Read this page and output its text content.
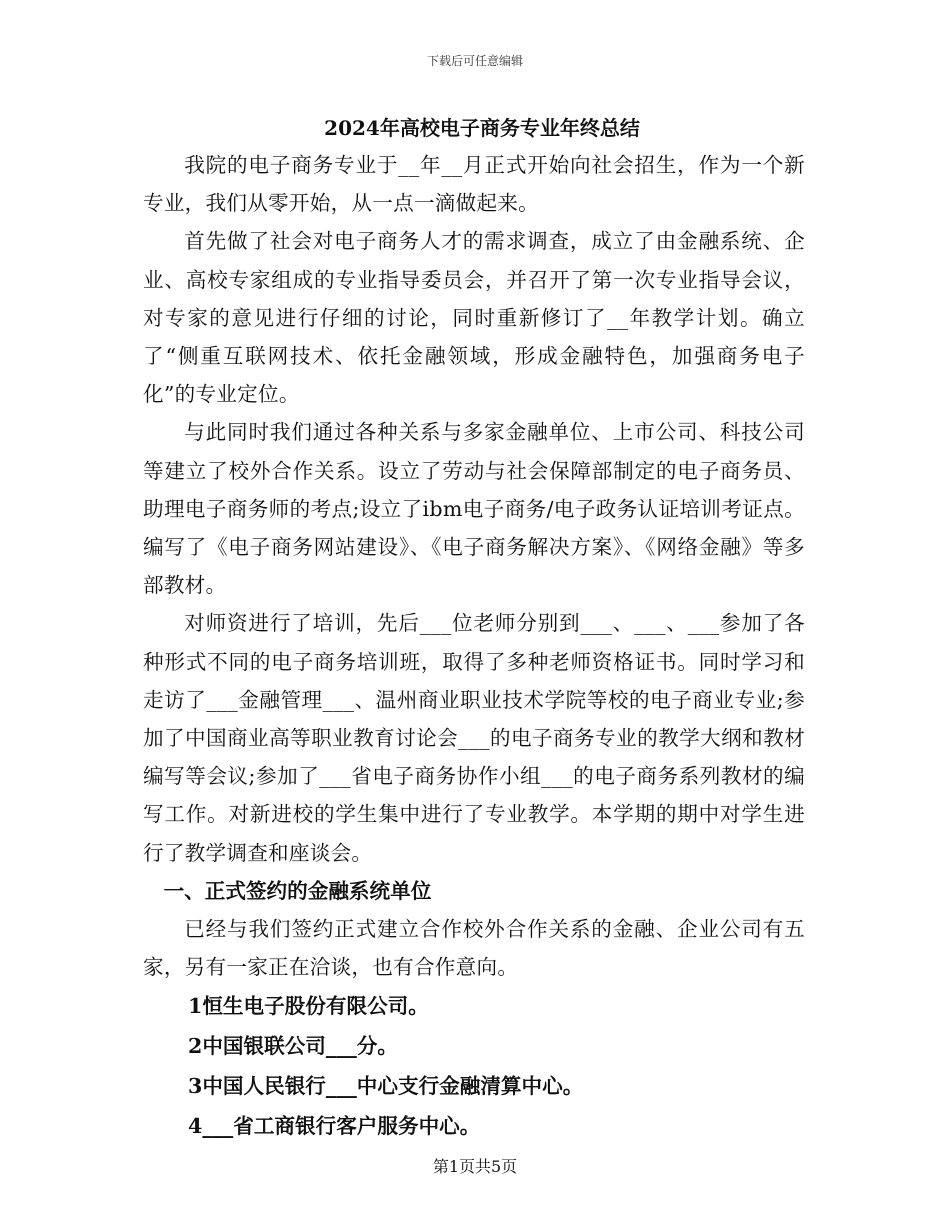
下载后可任意编辑
2024年高校电子商务专业年终总结

我院的电子商务专业于__年__月正式开始向社会招生，作为一个新专业，我们从零开始，从一点一滴做起来。

首先做了社会对电子商务人才的需求调查，成立了由金融系统、企业、高校专家组成的专业指导委员会，并召开了第一次专业指导会议，对专家的意见进行仔细的讨论，同时重新修订了__年教学计划。确立了“侧重互联网技术、依托金融领域，形成金融特色，加强商务电子化”的专业定位。

与此同时我们通过各种关系与多家金融单位、上市公司、科技公司等建立了校外合作关系。设立了劳动与社会保障部制定的电子商务员、助理电子商务师的考点;设立了ibm电子商务/电子政务认证培训考证点。编写了《电子商务网站建设》、《电子商务解决方案》、《网络金融》等多部教材。

对师资进行了培训，先后___位老师分别到___、___、___参加了各种形式不同的电子商务培训班，取得了多种老师资格证书。同时学习和走访了___金融管理___、温州商业职业技术学院等校的电子商业专业;参加了中国商业高等职业教育讨论会___的电子商务专业的教学大纲和教材编写等会议;参加了___省电子商务协作小组___的电子商务系列教材的编写工作。对新进校的学生集中进行了专业教学。本学期的期中对学生进行了教学调查和座谈会。

一、正式签约的金融系统单位

已经与我们签约正式建立合作校外合作关系的金融、企业公司有五家，另有一家正在洽谈，也有合作意向。

1恒生电子股份有限公司。

2中国银联公司___分。

3中国人民银行___中心支行金融清算中心。

4___省工商银行客户服务中心。

第1页共5页
